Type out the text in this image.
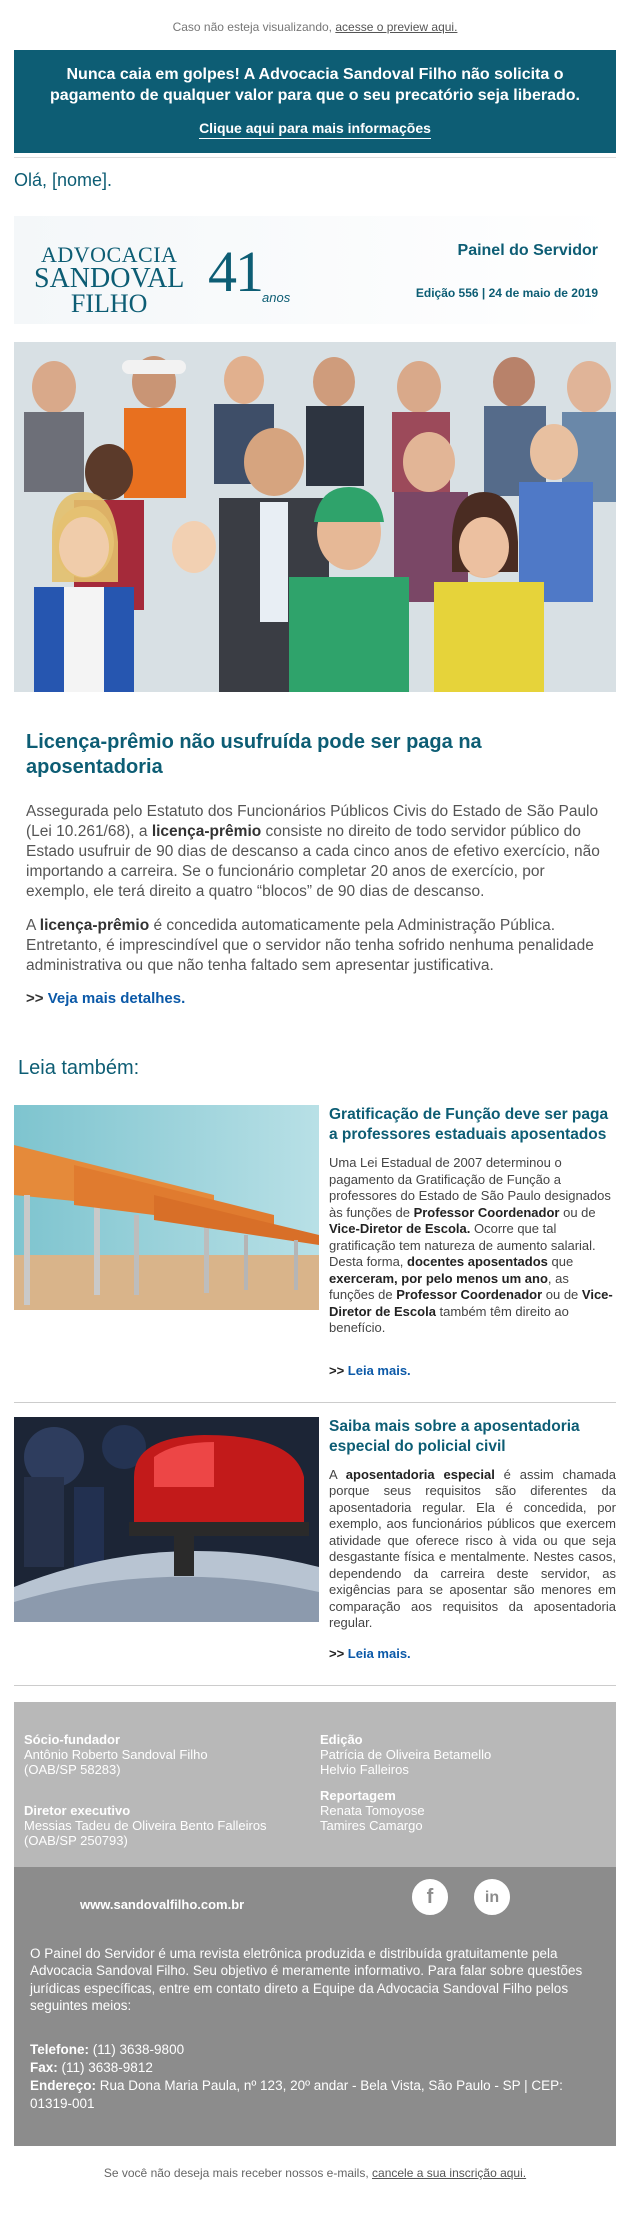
Caso não esteja visualizando, acesse o preview aqui.
Nunca caia em golpes! A Advocacia Sandoval Filho não solicita o pagamento de qualquer valor para que o seu precatório seja liberado.
Clique aqui para mais informações
Olá, [nome].
ADVOCACIA
SANDOVAL
FILHO	41 anos
Painel do Servidor
Edição 556 | 24 de maio de 2019
Licença-prêmio não usufruída pode ser paga na aposentadoria

Assegurada pelo Estatuto dos Funcionários Públicos Civis do Estado de São Paulo (Lei 10.261/68), a licença-prêmio consiste no direito de todo servidor público do Estado usufruir de 90 dias de descanso a cada cinco anos de efetivo exercício, não importando a carreira. Se o funcionário completar 20 anos de exercício, por exemplo, ele terá direito a quatro “blocos” de 90 dias de descanso.

A licença-prêmio é concedida automaticamente pela Administração Pública. Entretanto, é imprescindível que o servidor não tenha sofrido nenhuma penalidade administrativa ou que não tenha faltado sem apresentar justificativa.

>> Veja mais detalhes.
Leia também:
Gratificação de Função deve ser paga a professores estaduais aposentados

Uma Lei Estadual de 2007 determinou o pagamento da Gratificação de Função a professores do Estado de São Paulo designados às funções de Professor Coordenador ou de Vice-Diretor de Escola. Ocorre que tal gratificação tem natureza de aumento salarial. Desta forma, docentes aposentados que exerceram, por pelo menos um ano, as funções de Professor Coordenador ou de Vice-Diretor de Escola também têm direito ao benefício.

>> Leia mais.
Saiba mais sobre a aposentadoria especial do policial civil

A aposentadoria especial é assim chamada porque seus requisitos são diferentes da aposentadoria regular. Ela é concedida, por exemplo, aos funcionários públicos que exercem atividade que oferece risco à vida ou que seja desgastante física e mentalmente. Nestes casos, dependendo da carreira deste servidor, as exigências para se aposentar são menores em comparação aos requisitos da aposentadoria regular.

>> Leia mais.
Sócio-fundador
Antônio Roberto Sandoval Filho
(OAB/SP 58283)
Diretor executivo
Messias Tadeu de Oliveira Bento Falleiros
(OAB/SP 250793)
Edição
Patrícia de Oliveira Betamello
Helvio Falleiros
Reportagem
Renata Tomoyose
Tamires Camargo
www.sandovalfilho.com.br	f	in
O Painel do Servidor é uma revista eletrônica produzida e distribuída gratuitamente pela Advocacia Sandoval Filho. Seu objetivo é meramente informativo. Para falar sobre questões jurídicas específicas, entre em contato direto a Equipe da Advocacia Sandoval Filho pelos seguintes meios:
Telefone: (11) 3638-9800
Fax: (11) 3638-9812
Endereço: Rua Dona Maria Paula, nº 123, 20º andar - Bela Vista, São Paulo - SP | CEP: 01319-001
Se você não deseja mais receber nossos e-mails, cancele a sua inscrição aqui.
